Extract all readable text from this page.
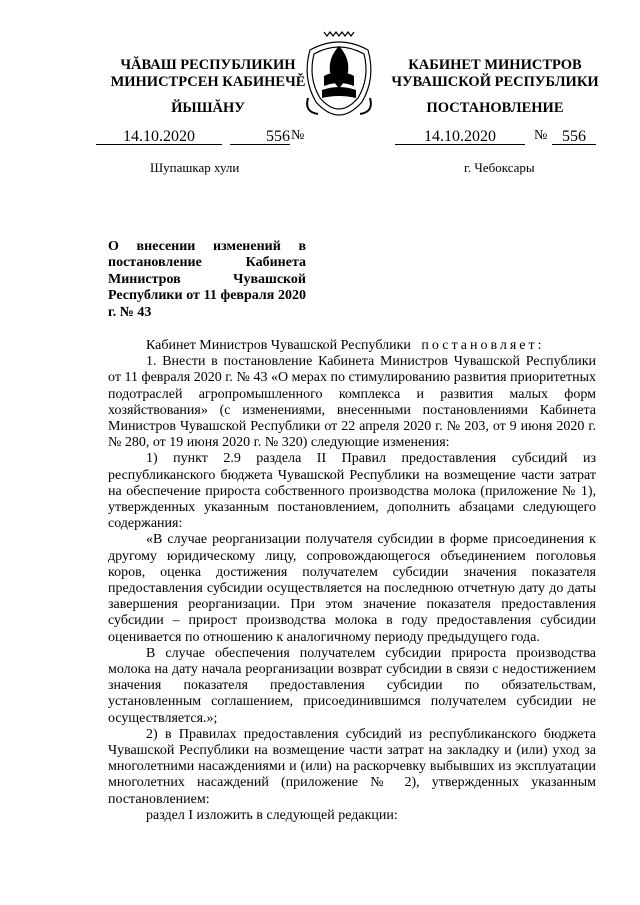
ЧĂВАШ РЕСПУБЛИКИН
МИНИСТРСЕН КАБИНЕЧĚ
ЙЫШĂНУ
КАБИНЕТ МИНИСТРОВ
ЧУВАШСКОЙ РЕСПУБЛИКИ
ПОСТАНОВЛЕНИЕ
14.10.2020	556 №	14.10.2020	№ 556
Шупашкар хули	г. Чебоксары
О внесении изменений в постановление Кабинета Министров Чувашской Республики от 11 февраля 2020 г. № 43

Кабинет Министров Чувашской Республики постановляет:

1. Внести в постановление Кабинета Министров Чувашской Республики от 11 февраля 2020 г. № 43 «О мерах по стимулированию развития приоритетных подотраслей агропромышленного комплекса и развития малых форм хозяйствования» (с изменениями, внесенными постановлениями Кабинета Министров Чувашской Республики от 22 апреля 2020 г. № 203, от 9 июня 2020 г. № 280, от 19 июня 2020 г. № 320) следующие изменения:

1) пункт 2.9 раздела II Правил предоставления субсидий из республиканского бюджета Чувашской Республики на возмещение части затрат на обеспечение прироста собственного производства молока (приложение № 1), утвержденных указанным постановлением, дополнить абзацами следующего содержания:

«В случае реорганизации получателя субсидии в форме присоединения к другому юридическому лицу, сопровождающегося объединением поголовья коров, оценка достижения получателем субсидии значения показателя предоставления субсидии осуществляется на последнюю отчетную дату до даты завершения реорганизации. При этом значение показателя предоставления субсидии – прирост производства молока в году предоставления субсидии оценивается по отношению к аналогичному периоду предыдущего года.

В случае обеспечения получателем субсидии прироста производства молока на дату начала реорганизации возврат субсидии в связи с недостижением значения показателя предоставления субсидии по обязательствам, установленным соглашением, присоединившимся получателем субсидии не осуществляется.»;

2) в Правилах предоставления субсидий из республиканского бюджета Чувашской Республики на возмещение части затрат на закладку и (или) уход за многолетними насаждениями и (или) на раскорчевку выбывших из эксплуатации многолетних насаждений (приложение № 2), утвержденных указанным постановлением:

раздел I изложить в следующей редакции:
